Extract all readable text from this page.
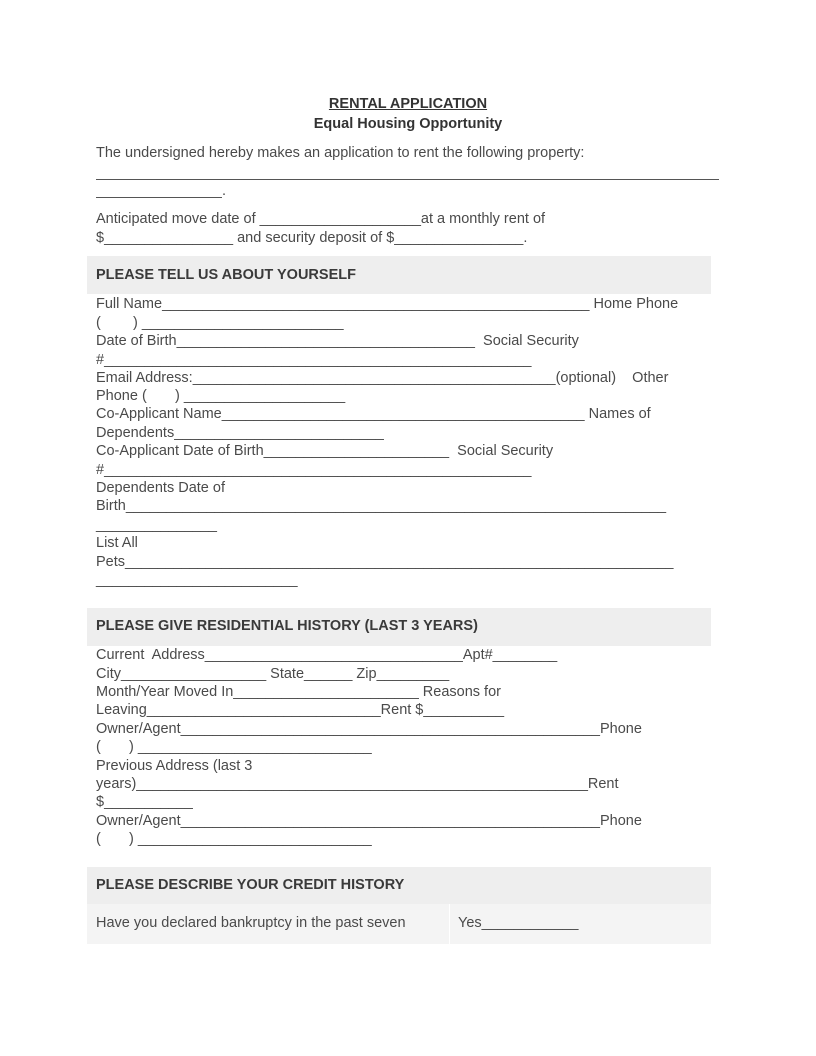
RENTAL APPLICATION
Equal Housing Opportunity
The undersigned hereby makes an application to rent the following property:
.
Anticipated move date of ____________________at a monthly rent of
$________________ and security deposit of $________________.
PLEASE TELL US ABOUT YOURSELF
Full Name_____________________________________________________ Home Phone
(        ) _________________________
Date of Birth_____________________________________  Social Security
#_____________________________________________________
Email Address:_____________________________________________(optional)    Other
Phone (       ) ____________________
Co-Applicant Name_____________________________________________ Names of
Dependents__________________________
Co-Applicant Date of Birth_______________________  Social Security
#_____________________________________________________
Dependents Date of
Birth___________________________________________________________________
_______________
List All
Pets____________________________________________________________________
_________________________
PLEASE GIVE RESIDENTIAL HISTORY (LAST 3 YEARS)
Current  Address________________________________Apt#________
City__________________ State______ Zip_________
Month/Year Moved In_______________________ Reasons for
Leaving_____________________________Rent $__________
Owner/Agent____________________________________________________Phone
(       ) _____________________________
Previous Address (last 3
years)________________________________________________________Rent
$___________
Owner/Agent____________________________________________________Phone
(       ) _____________________________
PLEASE DESCRIBE YOUR CREDIT HISTORY
Have you declared bankruptcy in the past seven	Yes____________
